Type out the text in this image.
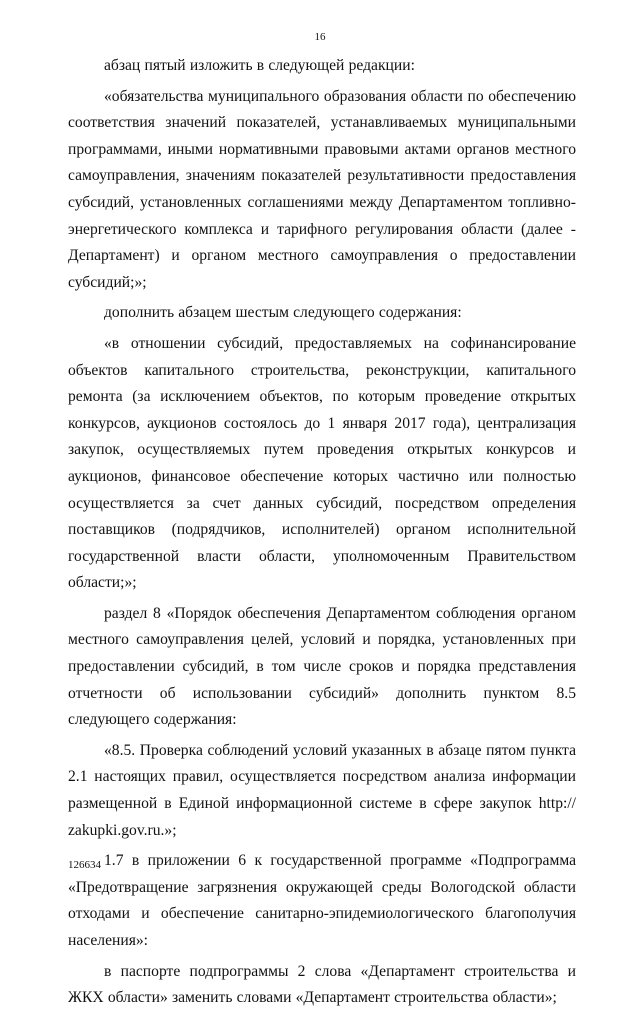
16

абзац пятый изложить в следующей редакции:

«обязательства муниципального образования области по обеспечению соответствия значений показателей, устанавливаемых муниципальными программами, иными нормативными правовыми актами органов местного самоуправления, значениям показателей результативности предоставления субсидий, установленных соглашениями между Департаментом топливно-энергетического комплекса и тарифного регулирования области (далее - Департамент) и органом местного самоуправления о предоставлении субсидий;»;

дополнить абзацем шестым следующего содержания:

«в отношении субсидий, предоставляемых на софинансирование объектов капитального строительства, реконструкции, капитального ремонта (за исключением объектов, по которым проведение открытых конкурсов, аукционов состоялось до 1 января 2017 года), централизация закупок, осуществляемых путем проведения открытых конкурсов и аукционов, финансовое обеспечение которых частично или полностью осуществляется за счет данных субсидий, посредством определения поставщиков (подрядчиков, исполнителей) органом исполнительной государственной власти области, уполномоченным Правительством области;»;

раздел 8 «Порядок обеспечения Департаментом соблюдения органом местного самоуправления целей, условий и порядка, установленных при предоставлении субсидий, в том числе сроков и порядка представления отчетности об использовании субсидий» дополнить пунктом 8.5 следующего содержания:

«8.5. Проверка соблюдений условий указанных в абзаце пятом пункта 2.1 настоящих правил, осуществляется посредством анализа информации размещенной в Единой информационной системе в сфере закупок http:// zakupki.gov.ru.»;

1.7 в приложении 6 к государственной программе «Подпрограмма «Предотвращение загрязнения окружающей среды Вологодской области отходами и обеспечение санитарно-эпидемиологического благополучия населения»:

в паспорте подпрограммы 2 слова «Департамент строительства и ЖКХ области» заменить словами «Департамент строительства области»;

126634
